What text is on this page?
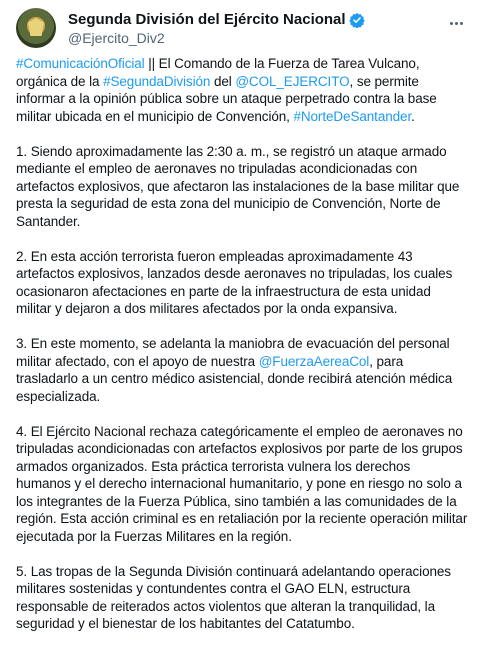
Segunda División del Ejército Nacional
@Ejercito_Div2

#ComunicaciónOficial || El Comando de la Fuerza de Tarea Vulcano, orgánica de la #SegundaDivisión del @COL_EJERCITO, se permite informar a la opinión pública sobre un ataque perpetrado contra la base militar ubicada en el municipio de Convención, #NorteDeSantander.

1. Siendo aproximadamente las 2:30 a. m., se registró un ataque armado mediante el empleo de aeronaves no tripuladas acondicionadas con artefactos explosivos, que afectaron las instalaciones de la base militar que presta la seguridad de esta zona del municipio de Convención, Norte de Santander.

2. En esta acción terrorista fueron empleadas aproximadamente 43 artefactos explosivos, lanzados desde aeronaves no tripuladas, los cuales ocasionaron afectaciones en parte de la infraestructura de esta unidad militar y dejaron a dos militares afectados por la onda expansiva.

3. En este momento, se adelanta la maniobra de evacuación del personal militar afectado, con el apoyo de nuestra @FuerzaAereaCol, para trasladarlo a un centro médico asistencial, donde recibirá atención médica especializada.

4. El Ejército Nacional rechaza categóricamente el empleo de aeronaves no tripuladas acondicionadas con artefactos explosivos por parte de los grupos armados organizados. Esta práctica terrorista vulnera los derechos humanos y el derecho internacional humanitario, y pone en riesgo no solo a los integrantes de la Fuerza Pública, sino también a las comunidades de la región. Esta acción criminal es en retaliación por la reciente operación militar ejecutada por la Fuerzas Militares en la región.

5. Las tropas de la Segunda División continuará adelantando operaciones militares sostenidas y contundentes contra el GAO ELN, estructura responsable de reiterados actos violentos que alteran la tranquilidad, la seguridad y el bienestar de los habitantes del Catatumbo.
